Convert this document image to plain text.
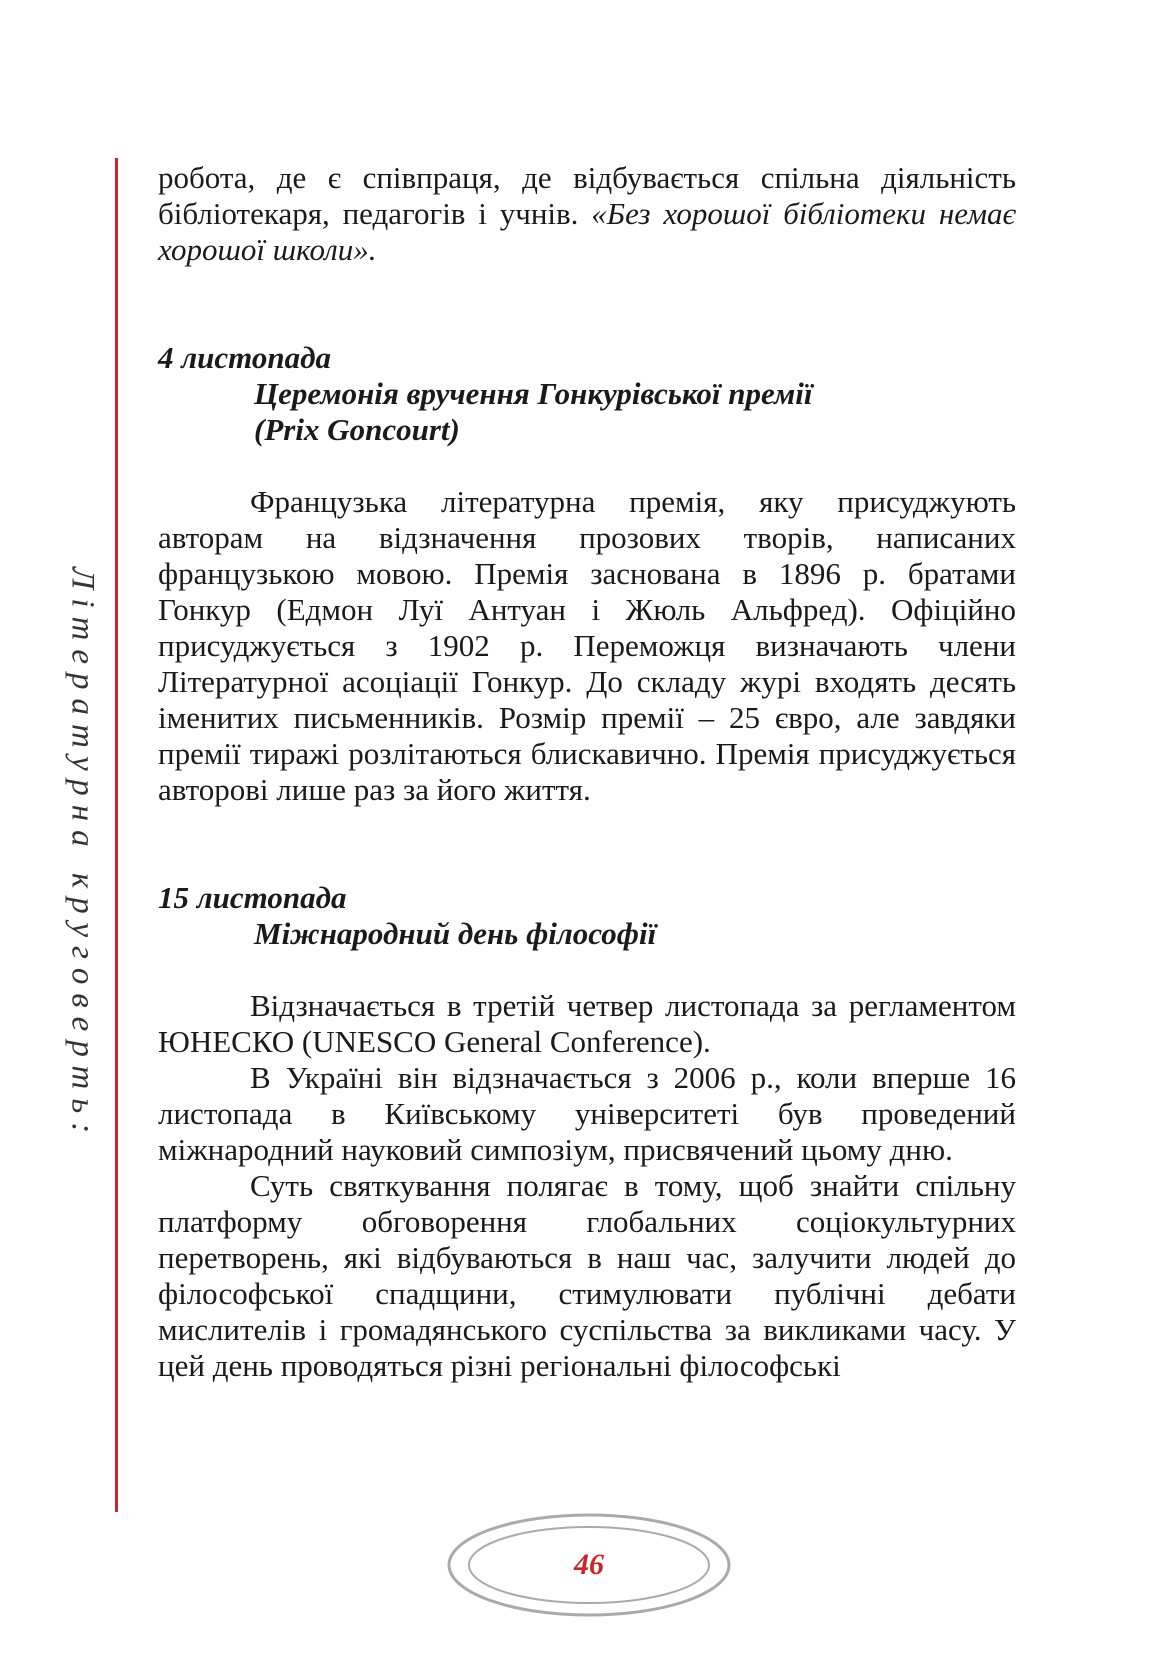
Літературна круговерть:

робота, де є співпраця, де відбувається спільна діяльність бібліотекаря, педагогів і учнів. «Без хорошої бібліотеки немає хорошої школи».

4 листопада
Церемонія вручення Гонкурівської премії
(Prix Goncourt)

Французька літературна премія, яку присуджують авторам на відзначення прозових творів, написаних французькою мовою. Премія заснована в 1896 р. братами Гонкур (Едмон Луї Антуан і Жюль Альфред). Офіційно присуджується з 1902 р. Переможця визначають члени Літературної асоціації Гонкур. До складу журі входять десять іменитих письменників. Розмір премії – 25 євро, але завдяки премії тиражі розлітаються блискавично. Премія присуджується авторові лише раз за його життя.

15 листопада
Міжнародний день філософії

Відзначається в третій четвер листопада за регламентом ЮНЕСКО (UNESCO General Conference).

В Україні він відзначається з 2006 р., коли вперше 16 листопада в Київському університеті був проведений міжнародний науковий симпозіум, присвячений цьому дню.

Суть святкування полягає в тому, щоб знайти спільну платформу обговорення глобальних соціокультурних перетворень, які відбуваються в наш час, залучити людей до філософської спадщини, стимулювати публічні дебати мислителів і громадянського суспільства за викликами часу. У цей день проводяться різні регіональні філософські

46
